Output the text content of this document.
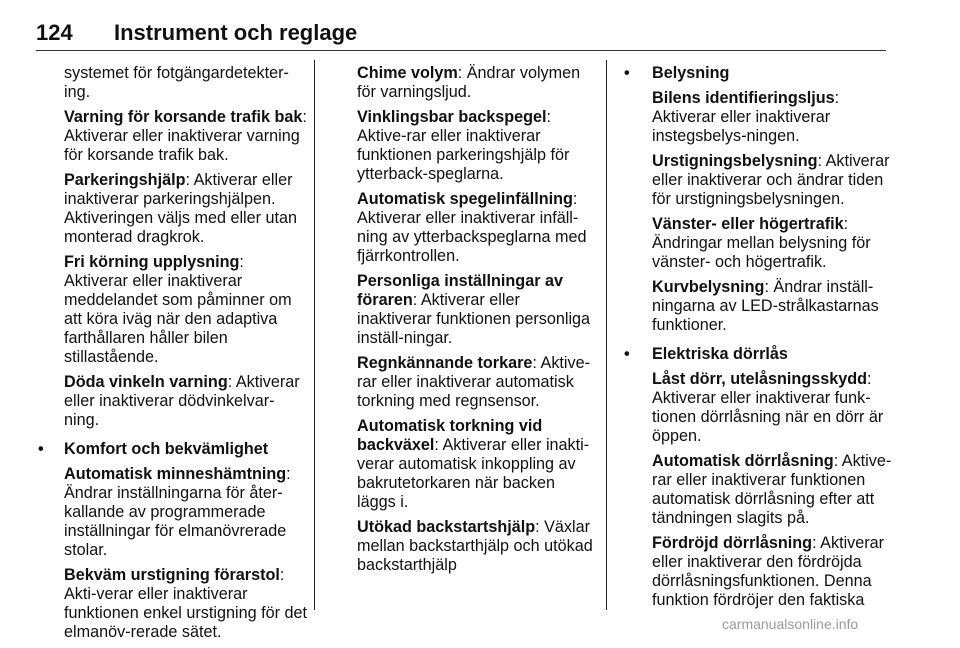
124 Instrument och reglage
systemet för fotgängardetekter-ing.
Varning för korsande trafik bak: Aktiverar eller inaktiverar varning för korsande trafik bak.
Parkeringshjälp: Aktiverar eller inaktiverar parkeringshjälpen. Aktiveringen väljs med eller utan monterad dragkrok.
Fri körning upplysning: Aktiverar eller inaktiverar meddelandet som påminner om att köra iväg när den adaptiva farthållaren håller bilen stillastående.
Döda vinkeln varning: Aktiverar eller inaktiverar dödvinkelvar-ning.
• Komfort och bekvämlighet
Automatisk minneshämtning: Ändrar inställningarna för åter-kallande av programmerade inställningar för elmanövrerade stolar.
Bekväm urstigning förarstol: Akti-verar eller inaktiverar funktionen enkel urstigning för det elmanöv-rerade sätet.
Chime volym: Ändrar volymen för varningsljud.
Vinklingsbar backspegel: Aktive-rar eller inaktiverar funktionen parkeringshjälp för ytterback-speglarna.
Automatisk spegelinfällning: Aktiverar eller inaktiverar infäll-ning av ytterbackspeglarna med fjärrkontrollen.
Personliga inställningar av föraren: Aktiverar eller inaktiverar funktionen personliga inställ-ningar.
Regnkännande torkare: Aktive-rar eller inaktiverar automatisk torkning med regnsensor.
Automatisk torkning vid backväxel: Aktiverar eller inakti-verar automatisk inkoppling av bakrutetorkaren när backen läggs i.
Utökad backstartshjälp: Växlar mellan backstarthjälp och utökad backstarthjälp
• Belysning
Bilens identifieringsljus: Aktiverar eller inaktiverar instegsbelys-ningen.
Urstigningsbelysning: Aktiverar eller inaktiverar och ändrar tiden för urstigningsbelysningen.
Vänster- eller högertrafik: Ändringar mellan belysning för vänster- och högertrafik.
Kurvbelysning: Ändrar inställ-ningarna av LED-strålkastarnas funktioner.
• Elektriska dörrlås
Låst dörr, utelåsningsskydd: Aktiverar eller inaktiverar funk-tionen dörrlåsning när en dörr är öppen.
Automatisk dörrlåsning: Aktive-rar eller inaktiverar funktionen automatisk dörrlåsning efter att tändningen slagits på.
Fördröjd dörrlåsning: Aktiverar eller inaktiverar den fördröjda dörrlåsningsfunktionen. Denna funktion fördröjer den faktiska
carmanualsonline.info
